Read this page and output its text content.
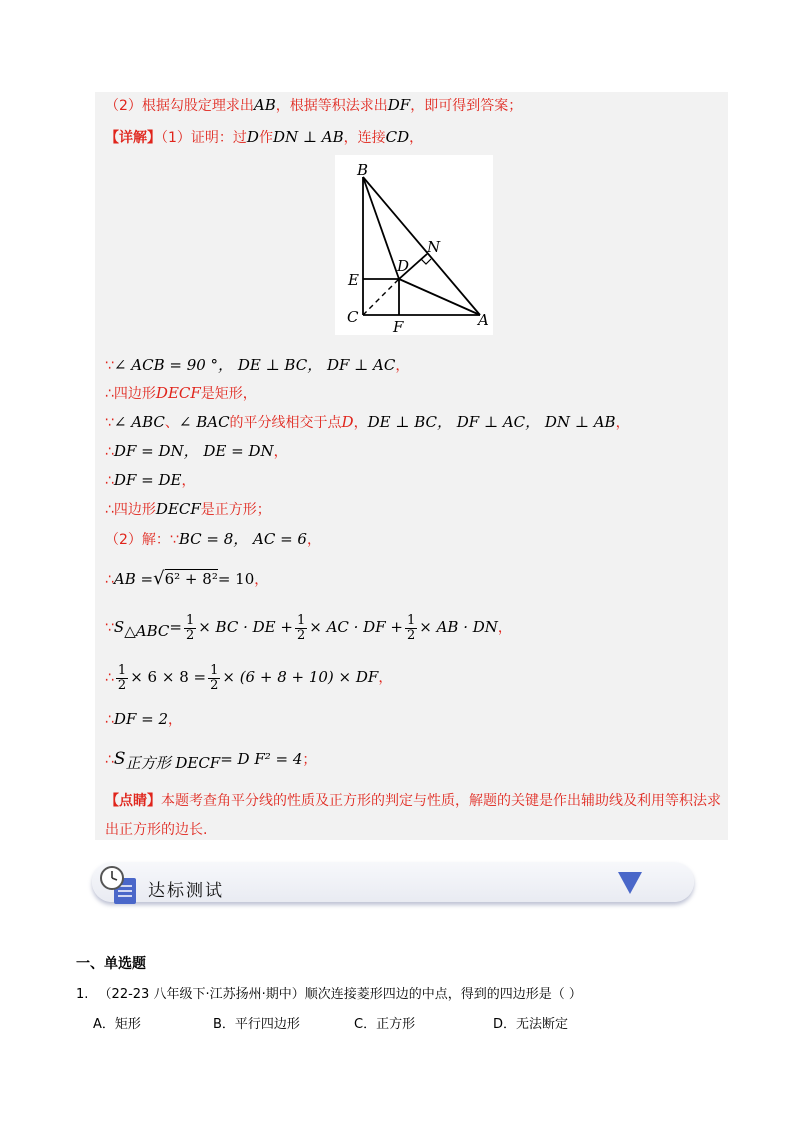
（2）根据勾股定理求出AB，根据等积法求出DF，即可得到答案；
【详解】（1）证明：过D作DN ⊥ AB，连接CD，
B
N
E
D
C
F	A
∵∠ ACB = 90 °， DE ⊥ BC， DF ⊥ AC，
∴四边形DECF是矩形，
∵∠ ABC、∠ BAC的平分线相交于点D，DE ⊥ BC， DF ⊥ AC， DN ⊥ AB，
∴DF = DN， DE = DN，
∴DF = DE，
∴四边形DECF是正方形；
（2）解：∵BC = 8， AC = 6，
∴AB =√6² + 8²= 10，
$\because S_{\triangle ABC}= \frac{1}{2}$ × BC · DE + $\frac{1}{2}$ × AC · DF + $\frac{1}{2}$ × AB · DN，
∴ $\frac{1}{2} \times 6 \times 8 = \frac{1}{2} \times (6 + 8 + 10)$ × DF，
∴DF = 2，
$\therefore S_{正方形 DECF}= D$ F² = 4；
【点睛】本题考查角平分线的性质及正方形的判定与性质，解题的关键是作出辅助线及利用等积法求
出正方形的边长.
达标测试
一、单选题
1. （22-23 八年级下·江苏扬州·期中）顺次连接菱形四边的中点，得到的四边形是（ ）
A．矩形	B．平行四边形	C．正方形	D．无法断定
